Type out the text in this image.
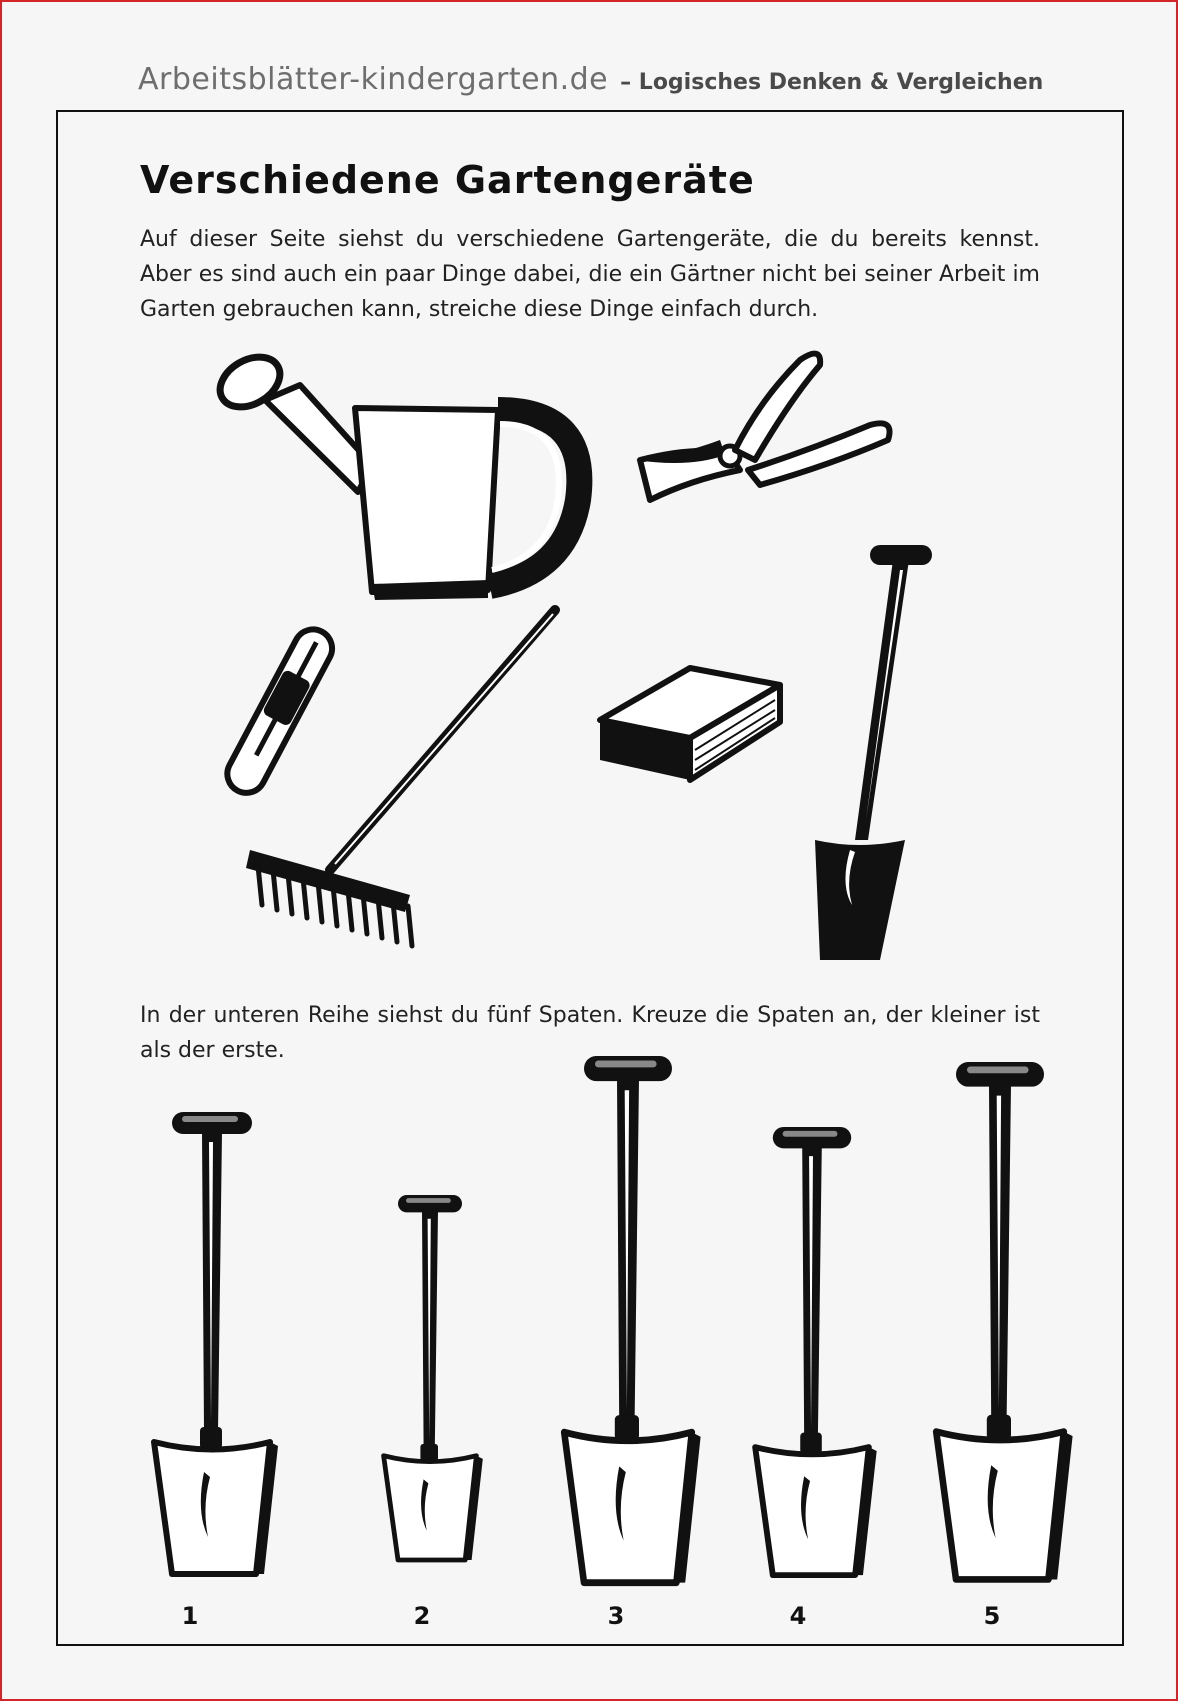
Arbeitsblätter-kindergarten.de – Logisches Denken & Vergleichen
Verschiedene Gartengeräte
Auf dieser Seite siehst du verschiedene Gartengeräte, die du bereits kennst. Aber es sind auch ein paar Dinge dabei, die ein Gärtner nicht bei seiner Arbeit im Garten gebrauchen kann, streiche diese Dinge einfach durch.
In der unteren Reihe siehst du fünf Spaten. Kreuze die Spaten an, der kleiner ist als der erste.
1	2	3	4	5
